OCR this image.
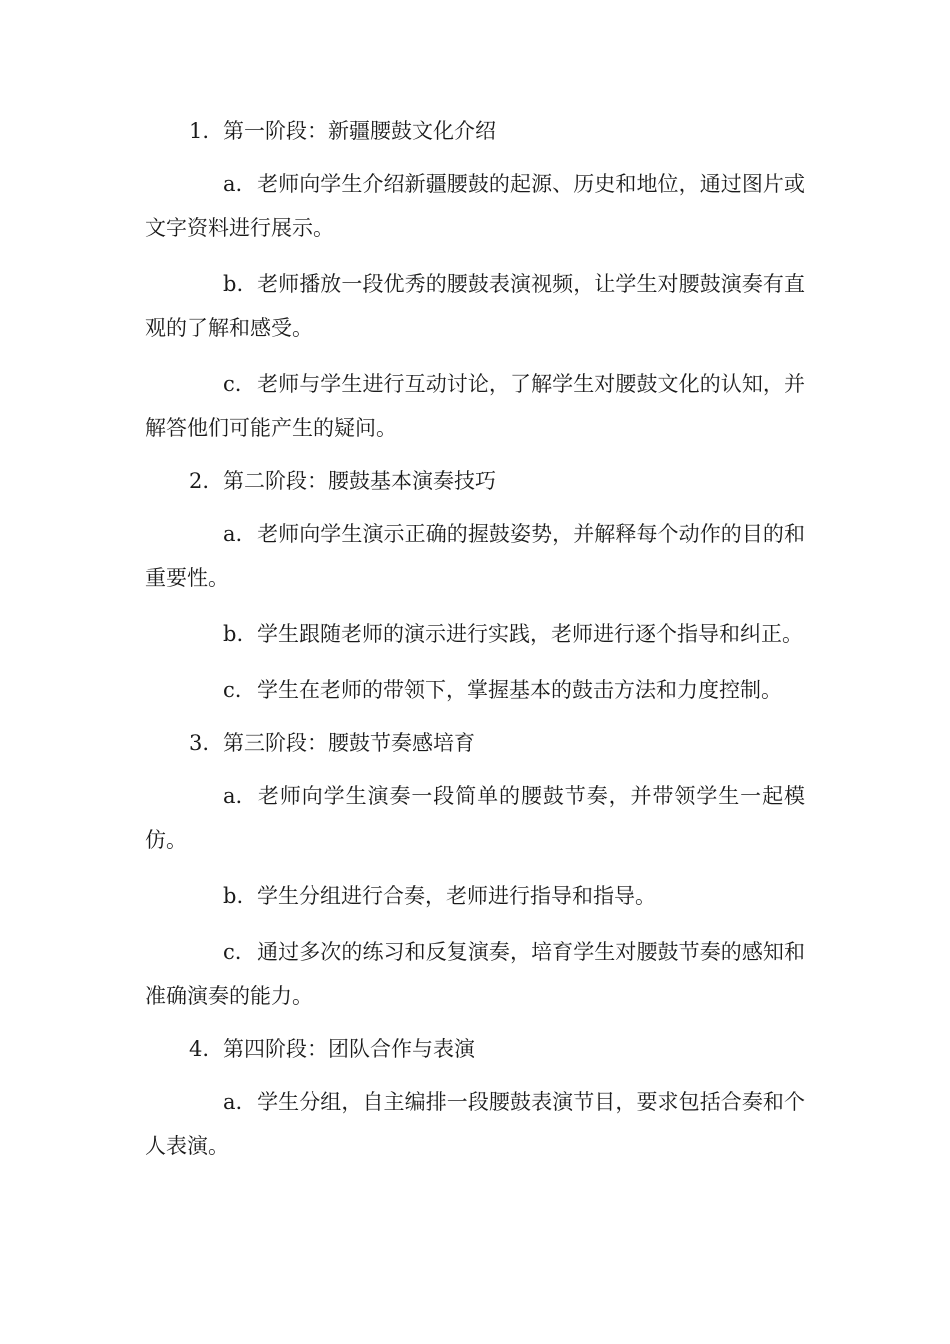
1. 第一阶段：新疆腰鼓文化介绍
a. 老师向学生介绍新疆腰鼓的起源、历史和地位，通过图片或文字资料进行展示。
b. 老师播放一段优秀的腰鼓表演视频，让学生对腰鼓演奏有直观的了解和感受。
c. 老师与学生进行互动讨论，了解学生对腰鼓文化的认知，并解答他们可能产生的疑问。
2. 第二阶段：腰鼓基本演奏技巧
a. 老师向学生演示正确的握鼓姿势，并解释每个动作的目的和重要性。
b. 学生跟随老师的演示进行实践，老师进行逐个指导和纠正。
c. 学生在老师的带领下，掌握基本的鼓击方法和力度控制。
3. 第三阶段：腰鼓节奏感培育
a. 老师向学生演奏一段简单的腰鼓节奏，并带领学生一起模仿。
b. 学生分组进行合奏，老师进行指导和指导。
c. 通过多次的练习和反复演奏，培育学生对腰鼓节奏的感知和准确演奏的能力。
4. 第四阶段：团队合作与表演
a. 学生分组，自主编排一段腰鼓表演节目，要求包括合奏和个人表演。
